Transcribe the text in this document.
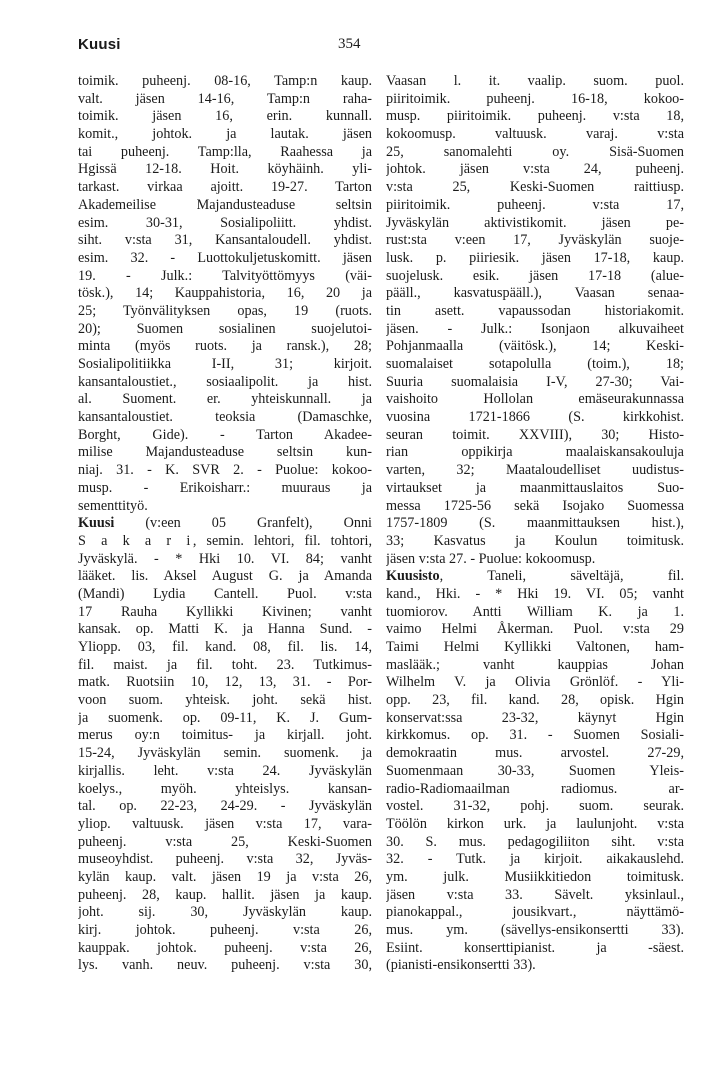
Kuusi	354
toimik. puheenj. 08-16, Tamp:n kaup.
valt. jäsen 14-16, Tamp:n raha-
toimik. jäsen 16, erin. kunnall.
komit., johtok. ja lautak. jäsen
tai puheenj. Tamp:lla, Raahessa ja
Hgissä 12-18. Hoit. köyhäinh. yli-
tarkast. virkaa ajoitt. 19-27. Tarton
Akademeilise Majandusteaduse seltsin
esim. 30-31, Sosialipoliitt. yhdist.
siht. v:sta 31, Kansantaloudell. yhdist.
esim. 32. - Luottokuljetuskomitt. jäsen
19. - Julk.: Talvityöttömyys (väi-
tösk.), 14; Kauppahistoria, 16, 20 ja
25; Työnvälityksen opas, 19 (ruots.
20); Suomen sosialinen suojelutoi-
minta (myös ruots. ja ransk.), 28;
Sosialipolitiikka I-II, 31; kirjoit.
kansantaloustiet., sosiaalipolit. ja hist.
al. Suoment. er. yhteiskunnall. ja
kansantaloustiet. teoksia (Damaschke,
Borght, Gide). - Tarton Akadee-
milise Majandusteaduse seltsin kun-
niaj. 31. - K. SVR 2. - Puolue: kokoo-
musp. - Erikoisharr.: muuraus ja
sementtityö.
Kuusi (v:een 05 Granfelt), Onni
S a k a r i, semin. lehtori, fil. tohtori,
Jyväskylä. - * Hki 10. VI. 84; vanht
lääket. lis. Aksel August G. ja Amanda
(Mandi) Lydia Cantell. Puol. v:sta
17 Rauha Kyllikki Kivinen; vanht
kansak. op. Matti K. ja Hanna Sund. -
Yliopp. 03, fil. kand. 08, fil. lis. 14,
fil. maist. ja fil. toht. 23. Tutkimus-
matk. Ruotsiin 10, 12, 13, 31. - Por-
voon suom. yhteisk. joht. sekä hist.
ja suomenk. op. 09-11, K. J. Gum-
merus oy:n toimitus- ja kirjall. joht.
15-24, Jyväskylän semin. suomenk. ja
kirjallis. leht. v:sta 24. Jyväskylän
koelys., myöh. yhteislys. kansan-
tal. op. 22-23, 24-29. - Jyväskylän
yliop. valtuusk. jäsen v:sta 17, vara-
puheenj. v:sta 25, Keski-Suomen
museoyhdist. puheenj. v:sta 32, Jyväs-
kylän kaup. valt. jäsen 19 ja v:sta 26,
puheenj. 28, kaup. hallit. jäsen ja kaup.
joht. sij. 30, Jyväskylän kaup.
kirj. johtok. puheenj. v:sta 26,
kauppak. johtok. puheenj. v:sta 26,
lys. vanh. neuv. puheenj. v:sta 30,
Vaasan l. it. vaalip. suom. puol.
piiritoimik. puheenj. 16-18, kokoo-
musp. piiritoimik. puheenj. v:sta 18,
kokoomusp. valtuusk. varaj. v:sta
25, sanomalehti oy. Sisä-Suomen
johtok. jäsen v:sta 24, puheenj.
v:sta 25, Keski-Suomen raittiusp.
piiritoimik. puheenj. v:sta 17,
Jyväskylän aktivistikomit. jäsen pe-
rust:sta v:een 17, Jyväskylän suoje-
lusk. p. piiriesik. jäsen 17-18, kaup.
suojelusk. esik. jäsen 17-18 (alue-
pääll., kasvatuspääll.), Vaasan senaa-
tin asett. vapaussodan historiakomit.
jäsen. - Julk.: Isonjaon alkuvaiheet
Pohjanmaalla (väitösk.), 14; Keski-
suomalaiset sotapolulla (toim.), 18;
Suuria suomalaisia I-V, 27-30; Vai-
vaishoito Hollolan emäseurakunnassa
vuosina 1721-1866 (S. kirkkohist.
seuran toimit. XXVIII), 30; Histo-
rian oppikirja maalaiskansakouluja
varten, 32; Maataloudelliset uudistus-
virtaukset ja maanmittauslaitos Suo-
messa 1725-56 sekä Isojako Suomessa
1757-1809 (S. maanmittauksen hist.),
33; Kasvatus ja Koulun toimitusk.
jäsen v:sta 27. - Puolue: kokoomusp.
Kuusisto, Taneli, säveltäjä, fil.
kand., Hki. - * Hki 19. VI. 05; vanht
tuomiorov. Antti William K. ja 1.
vaimo Helmi Åkerman. Puol. v:sta 29
Taimi Helmi Kyllikki Valtonen, ham-
maslääk.; vanht kauppias Johan
Wilhelm V. ja Olivia Grönlöf. - Yli-
opp. 23, fil. kand. 28, opisk. Hgin
konservat:ssa 23-32, käynyt Hgin
kirkkomus. op. 31. - Suomen Sosiali-
demokraatin mus. arvostel. 27-29,
Suomenmaan 30-33, Suomen Yleis-
radio-Radiomaailman radiomus. ar-
vostel. 31-32, pohj. suom. seurak.
Töölön kirkon urk. ja laulunjoht. v:sta
30. S. mus. pedagogiliiton siht. v:sta
32. - Tutk. ja kirjoit. aikakauslehd.
ym. julk. Musiikkitiedon toimitusk.
jäsen v:sta 33. Sävelt. yksinlaul.,
pianokappal., jousikvart., näyttämö-
mus. ym. (sävellys-ensikonsertti 33).
Esiint. konserttipianist. ja -säest.
(pianisti-ensikonsertti 33).
